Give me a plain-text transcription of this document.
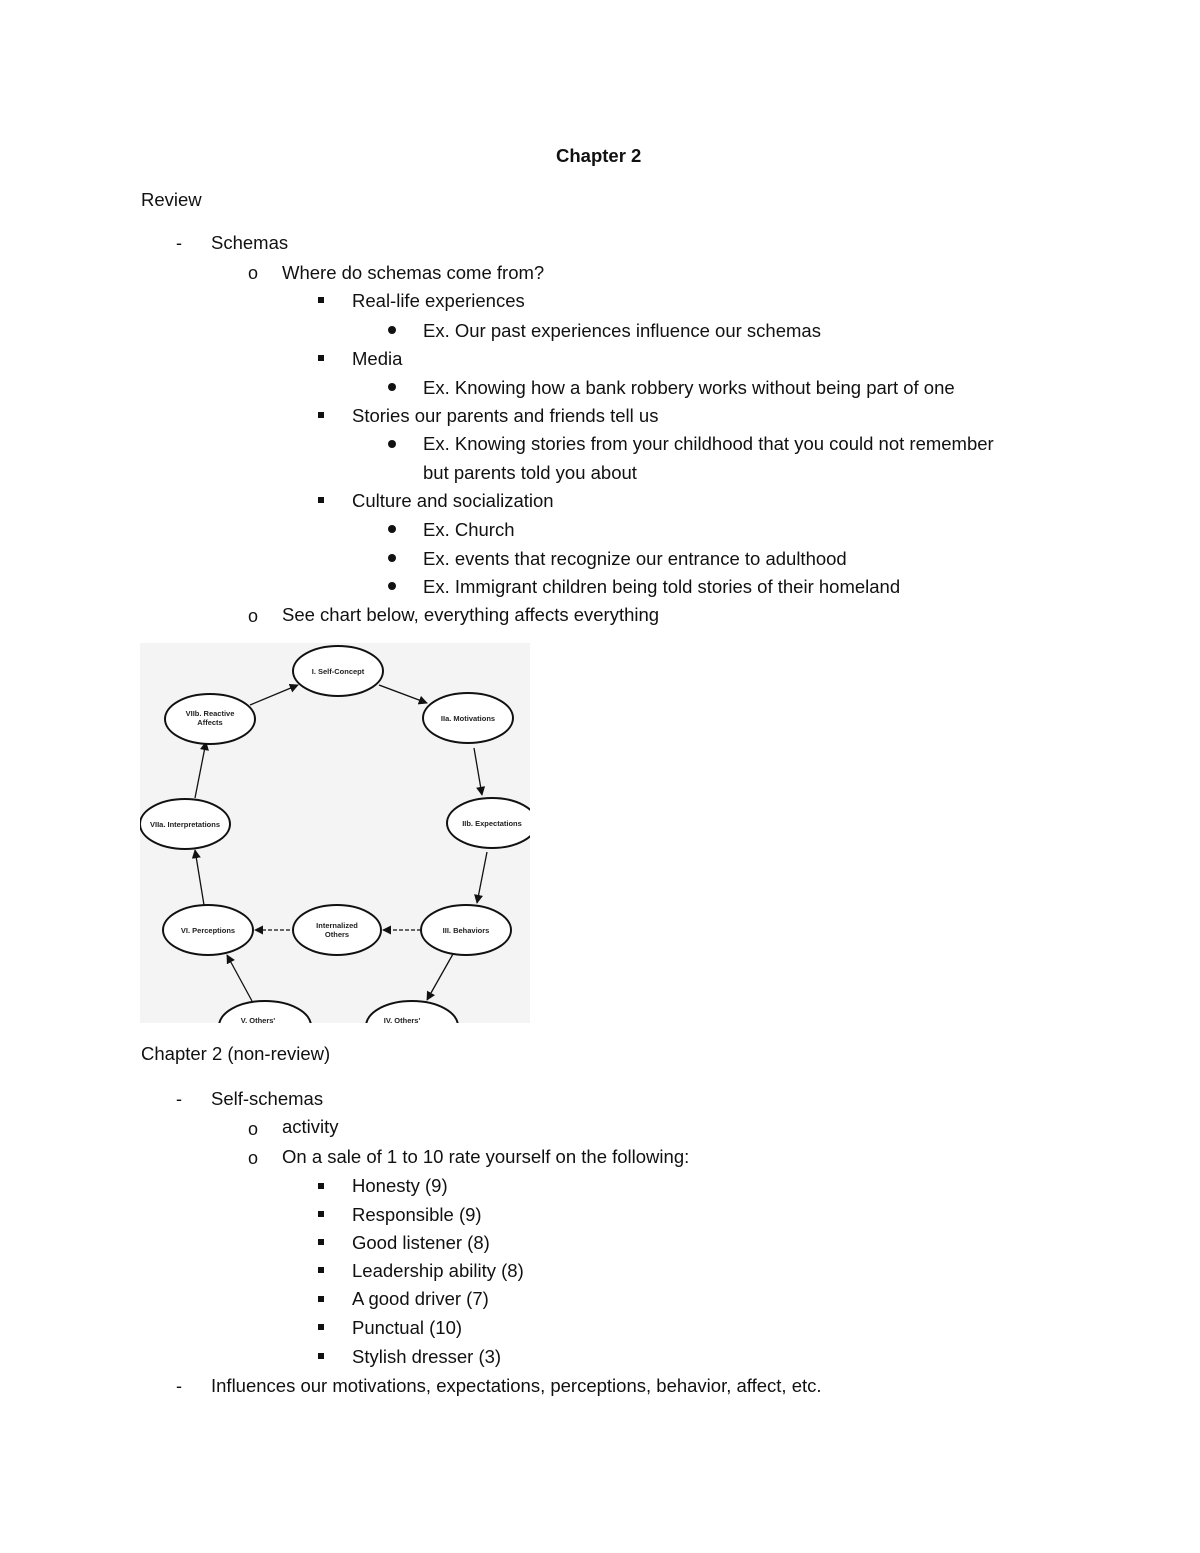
Chapter 2
Review
- Schemas
o Where do schemas come from?
Real-life experiences
Ex. Our past experiences influence our schemas
Media
Ex. Knowing how a bank robbery works without being part of one
Stories our parents and friends tell us
Ex. Knowing stories from your childhood that you could not remember
but parents told you about
Culture and socialization
Ex. Church
Ex. events that recognize our entrance to adulthood
Ex. Immigrant children being told stories of their homeland
o See chart below, everything affects everything
I. Self-Concept
IIa. Motivations
IIb. Expectations
III. Behaviors
Internalized
Others
VI. Perceptions
VIIa. Interpretations
VIIb. Reactive
Affects
V. Others'	IV. Others'
Chapter 2 (non-review)
- Self-schemas
o activity
o On a sale of 1 to 10 rate yourself on the following:
Honesty (9)
Responsible (9)
Good listener (8)
Leadership ability (8)
A good driver (7)
Punctual (10)
Stylish dresser (3)
- Influences our motivations, expectations, perceptions, behavior, affect, etc.
